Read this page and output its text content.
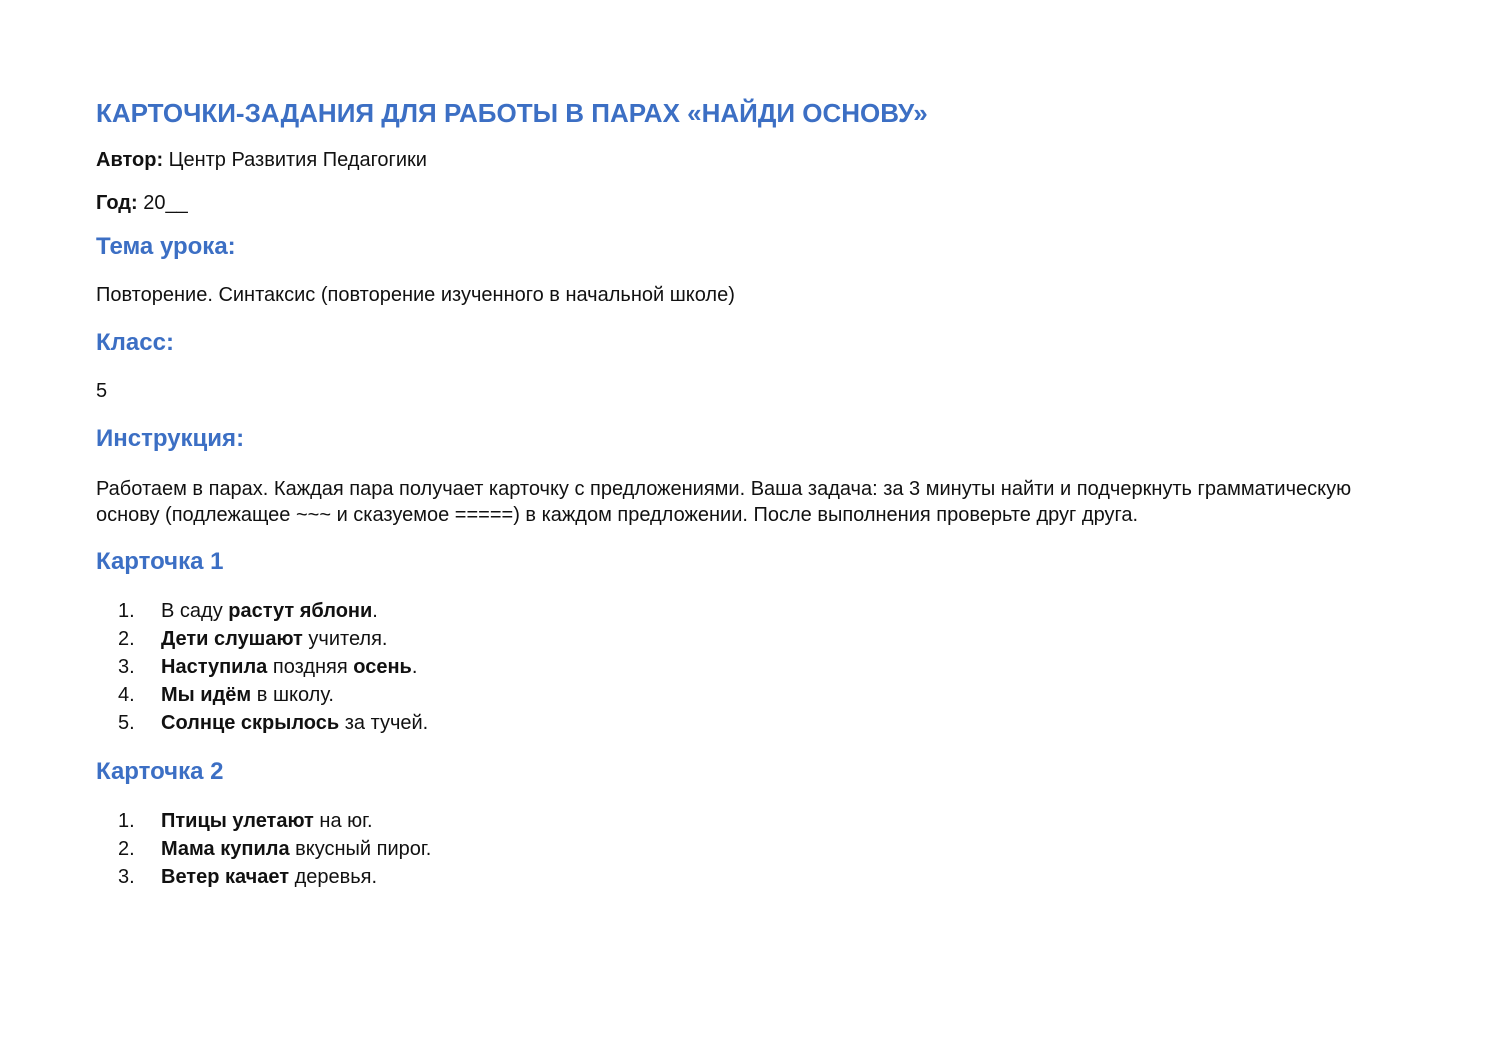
КАРТОЧКИ-ЗАДАНИЯ ДЛЯ РАБОТЫ В ПАРАХ «НАЙДИ ОСНОВУ»

Автор: Центр Развития Педагогики

Год: 20__

Тема урока:

Повторение. Синтаксис (повторение изученного в начальной школе)

Класс:

5

Инструкция:

Работаем в парах. Каждая пара получает карточку с предложениями. Ваша задача: за 3 минуты найти и подчеркнуть грамматическую основу (подлежащее ~~~ и сказуемое =====) в каждом предложении. После выполнения проверьте друг друга.

Карточка 1
1.	В саду растут яблони.
2.	Дети слушают учителя.
3.	Наступила поздняя осень.
4.	Мы идём в школу.
5.	Солнце скрылось за тучей.
Карточка 2
1.	Птицы улетают на юг.
2.	Мама купила вкусный пирог.
3.	Ветер качает деревья.
